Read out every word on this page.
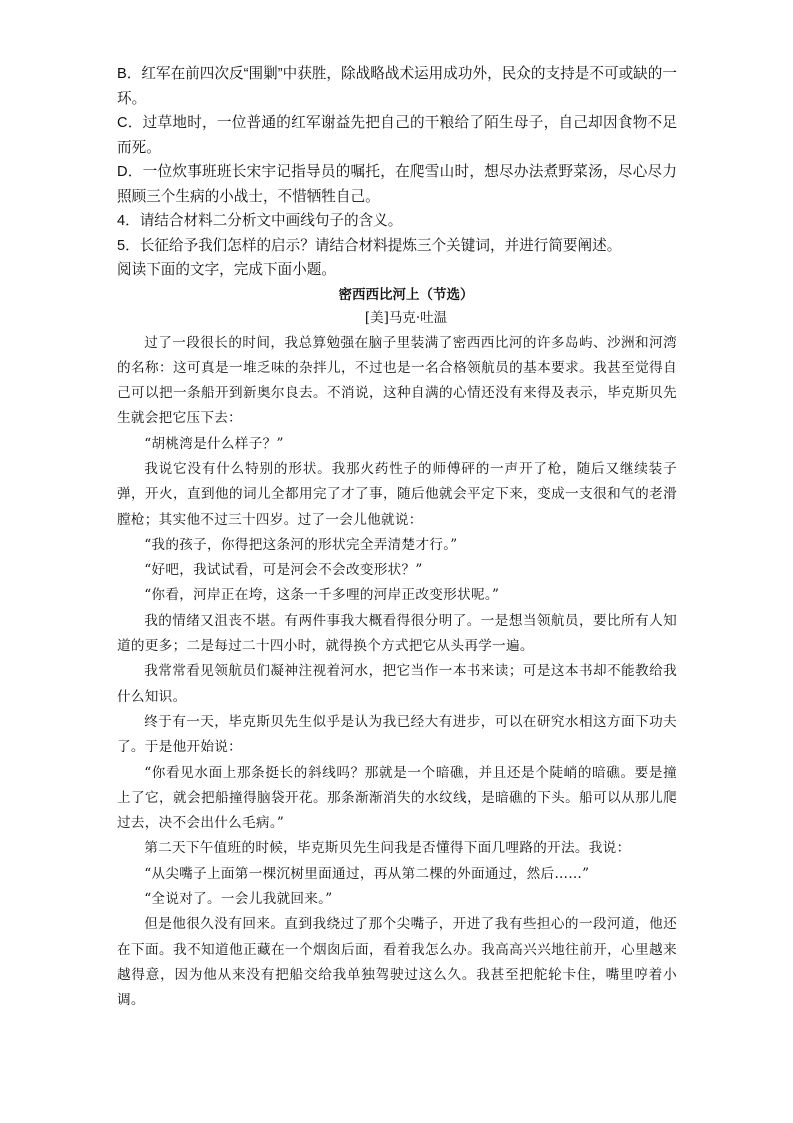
B．红军在前四次反“围剿”中获胜，除战略战术运用成功外，民众的支持是不可或缺的一环。

C．过草地时，一位普通的红军谢益先把自己的干粮给了陌生母子，自己却因食物不足而死。

D．一位炊事班班长宋宇记指导员的嘱托，在爬雪山时，想尽办法煮野菜汤，尽心尽力照顾三个生病的小战士，不惜牺牲自己。

4．请结合材料二分析文中画线句子的含义。

5．长征给予我们怎样的启示？请结合材料提炼三个关键词，并进行简要阐述。

阅读下面的文字，完成下面小题。

密西西比河上（节选）

[美]马克·吐温

过了一段很长的时间，我总算勉强在脑子里装满了密西西比河的许多岛屿、沙洲和河湾的名称：这可真是一堆乏味的杂拌儿，不过也是一名合格领航员的基本要求。我甚至觉得自己可以把一条船开到新奥尔良去。不消说，这种自满的心情还没有来得及表示，毕克斯贝先生就会把它压下去：

“胡桃湾是什么样子？”

我说它没有什么特别的形状。我那火药性子的师傅砰的一声开了枪，随后又继续装子弹，开火，直到他的词儿全都用完了才了事，随后他就会平定下来，变成一支很和气的老滑膛枪；其实他不过三十四岁。过了一会儿他就说：

“我的孩子，你得把这条河的形状完全弄清楚才行。”

“好吧，我试试看，可是河会不会改变形状？”

“你看，河岸正在垮，这条一千多哩的河岸正改变形状呢。”

我的情绪又沮丧不堪。有两件事我大概看得很分明了。一是想当领航员，要比所有人知道的更多；二是每过二十四小时，就得换个方式把它从头再学一遍。

我常常看见领航员们凝神注视着河水，把它当作一本书来读；可是这本书却不能教给我什么知识。

终于有一天，毕克斯贝先生似乎是认为我已经大有进步，可以在研究水相这方面下功夫了。于是他开始说：

“你看见水面上那条挺长的斜线吗？那就是一个暗礁，并且还是个陡峭的暗礁。要是撞上了它，就会把船撞得脑袋开花。那条渐渐消失的水纹线，是暗礁的下头。船可以从那儿爬过去，决不会出什么毛病。”

第二天下午值班的时候，毕克斯贝先生问我是否懂得下面几哩路的开法。我说：

“从尖嘴子上面第一棵沉树里面通过，再从第二棵的外面通过，然后……”

“全说对了。一会儿我就回来。”

但是他很久没有回来。直到我绕过了那个尖嘴子，开进了我有些担心的一段河道，他还在下面。我不知道他正藏在一个烟囱后面，看着我怎么办。我高高兴兴地往前开，心里越来越得意，因为他从来没有把船交给我单独驾驶过这么久。我甚至把舵轮卡住，嘴里哼着小调。
